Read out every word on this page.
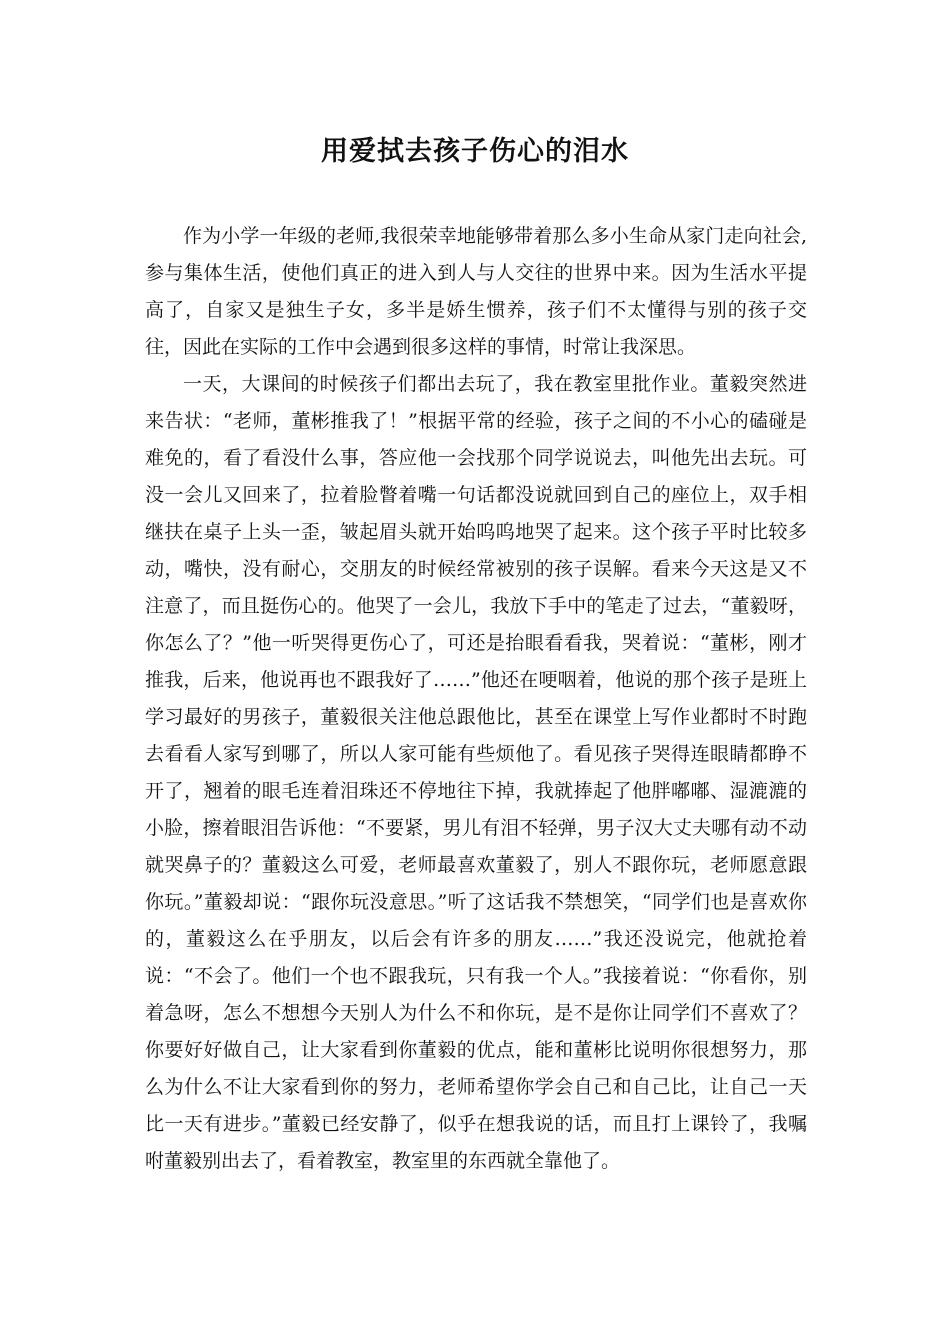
用爱拭去孩子伤心的泪水

作为小学一年级的老师,我很荣幸地能够带着那么多小生命从家门走向社会,参与集体生活，使他们真正的进入到人与人交往的世界中来。因为生活水平提高了，自家又是独生子女，多半是娇生惯养，孩子们不太懂得与别的孩子交往，因此在实际的工作中会遇到很多这样的事情，时常让我深思。

一天，大课间的时候孩子们都出去玩了，我在教室里批作业。董毅突然进来告状：“老师，董彬推我了！”根据平常的经验，孩子之间的不小心的磕碰是难免的，看了看没什么事，答应他一会找那个同学说说去，叫他先出去玩。可没一会儿又回来了，拉着脸瞥着嘴一句话都没说就回到自己的座位上，双手相继扶在桌子上头一歪，皱起眉头就开始呜呜地哭了起来。这个孩子平时比较多动，嘴快，没有耐心，交朋友的时候经常被别的孩子误解。看来今天这是又不注意了，而且挺伤心的。他哭了一会儿，我放下手中的笔走了过去，“董毅呀，你怎么了？”他一听哭得更伤心了，可还是抬眼看看我，哭着说：“董彬，刚才推我，后来，他说再也不跟我好了……”他还在哽咽着，他说的那个孩子是班上学习最好的男孩子，董毅很关注他总跟他比，甚至在课堂上写作业都时不时跑去看看人家写到哪了，所以人家可能有些烦他了。看见孩子哭得连眼睛都睁不开了，翘着的眼毛连着泪珠还不停地往下掉，我就捧起了他胖嘟嘟、湿漉漉的小脸，擦着眼泪告诉他：“不要紧，男儿有泪不轻弹，男子汉大丈夫哪有动不动就哭鼻子的？董毅这么可爱，老师最喜欢董毅了，别人不跟你玩，老师愿意跟你玩。”董毅却说：“跟你玩没意思。”听了这话我不禁想笑，“同学们也是喜欢你的，董毅这么在乎朋友，以后会有许多的朋友……”我还没说完，他就抢着说：“不会了。他们一个也不跟我玩，只有我一个人。”我接着说：“你看你，别着急呀，怎么不想想今天别人为什么不和你玩，是不是你让同学们不喜欢了？你要好好做自己，让大家看到你董毅的优点，能和董彬比说明你很想努力，那么为什么不让大家看到你的努力，老师希望你学会自己和自己比，让自己一天比一天有进步。”董毅已经安静了，似乎在想我说的话，而且打上课铃了，我嘱咐董毅别出去了，看着教室，教室里的东西就全靠他了。
